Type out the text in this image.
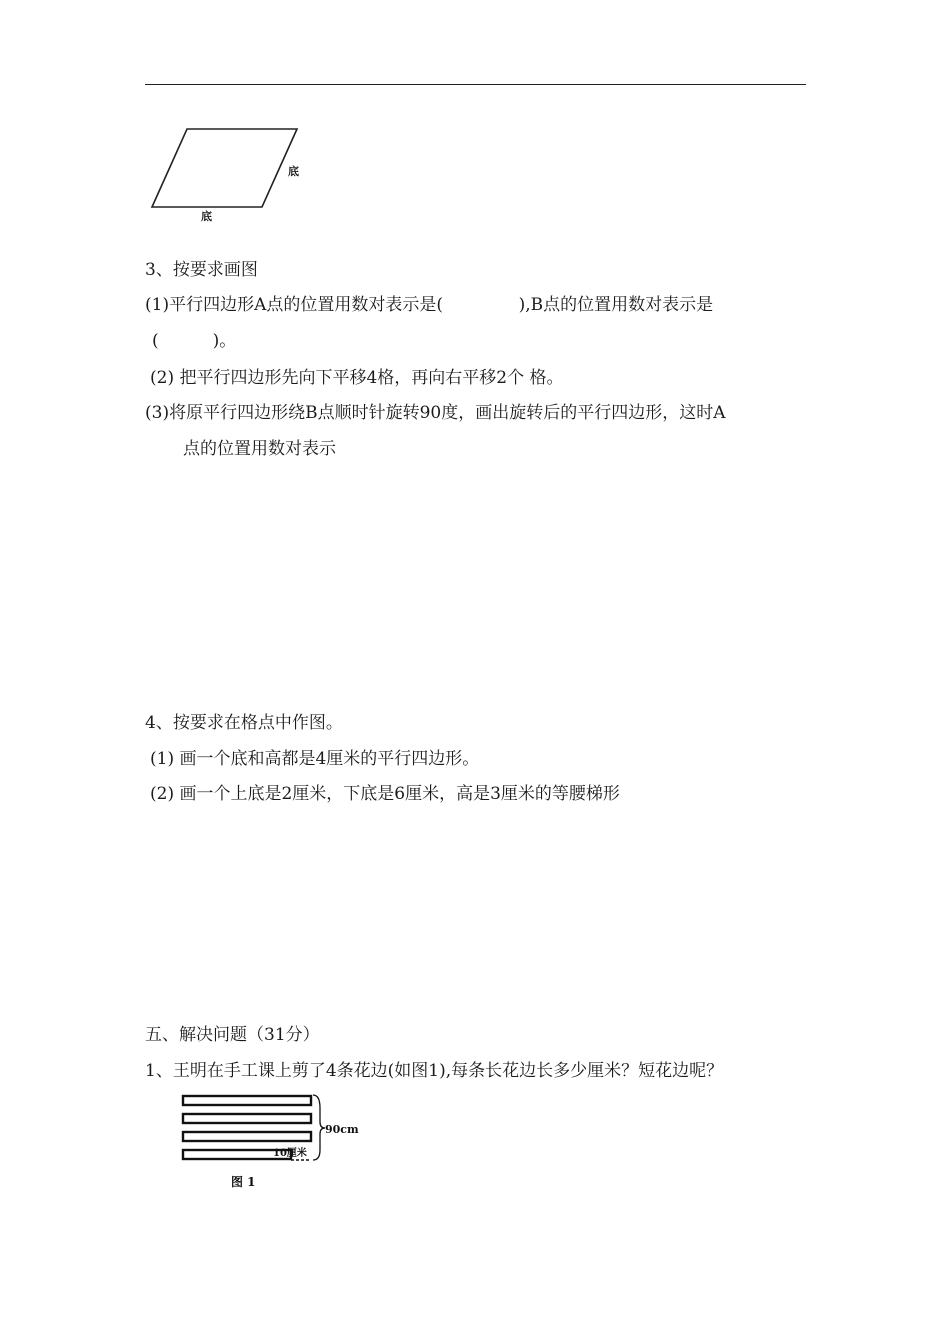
底
底
3、按要求画图
(1)平行四边形A点的位置用数对表示是(              ),B点的位置用数对表示是
(          )。
(2) 把平行四边形先向下平移4格，再向右平移2个 格。
(3)将原平行四边形绕B点顺时针旋转90度，画出旋转后的平行四边形，这时A
点的位置用数对表示
4、按要求在格点中作图。
(1) 画一个底和高都是4厘米的平行四边形。
(2) 画一个上底是2厘米，下底是6厘米，高是3厘米的等腰梯形
五、解决问题（31分）
1、王明在手工课上剪了4条花边(如图1),每条长花边长多少厘米？短花边呢？
90cm
10厘米
图 1
